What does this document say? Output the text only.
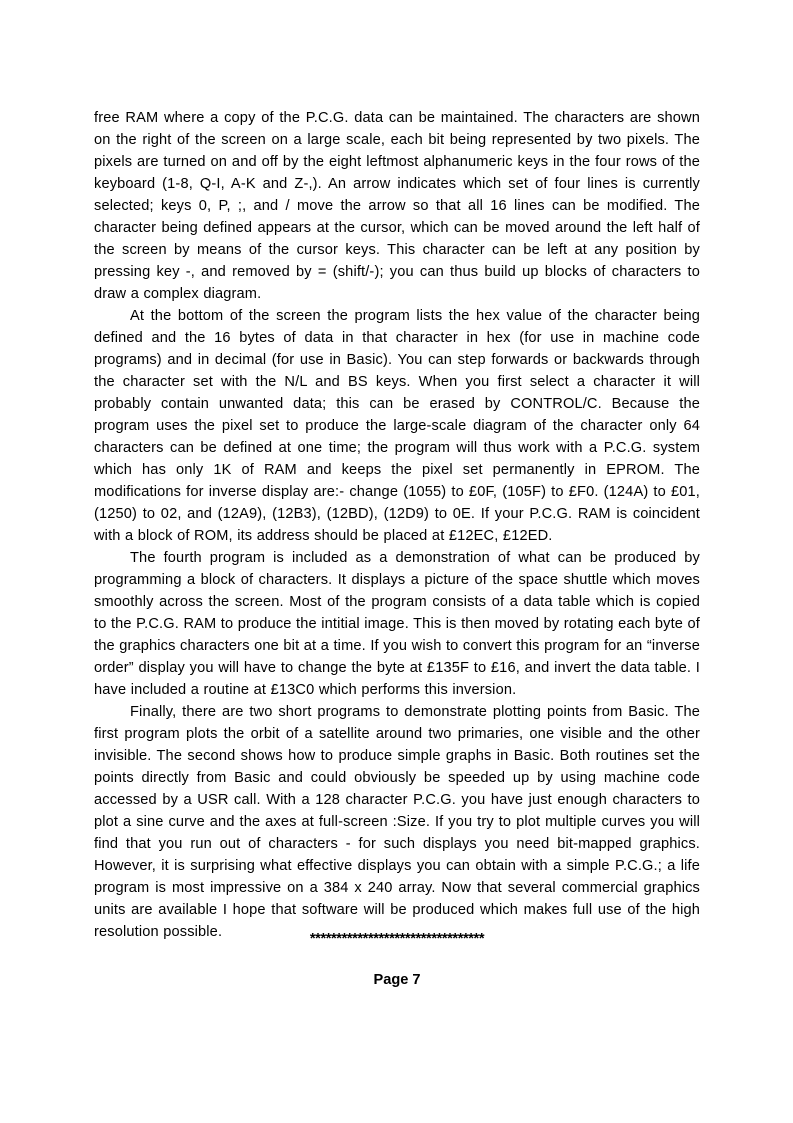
free RAM where a copy of the P.C.G. data can be maintained. The characters are shown on the right of the screen on a large scale, each bit being represented by two pixels. The pixels are turned on and off by the eight leftmost alphanumeric keys in the four rows of the keyboard (1-8, Q-I, A-K and Z-,). An arrow indicates which set of four lines is currently selected; keys 0, P, ;, and / move the arrow so that all 16 lines can be modified. The character being defined appears at the cursor, which can be moved around the left half of the screen by means of the cursor keys. This character can be left at any position by pressing key -, and removed by = (shift/-); you can thus build up blocks of characters to draw a complex diagram.

At the bottom of the screen the program lists the hex value of the character being defined and the 16 bytes of data in that character in hex (for use in machine code programs) and in decimal (for use in Basic). You can step forwards or backwards through the character set with the N/L and BS keys. When you first select a character it will probably contain unwanted data; this can be erased by CONTROL/C. Because the program uses the pixel set to produce the large-scale diagram of the character only 64 characters can be defined at one time; the program will thus work with a P.C.G. system which has only 1K of RAM and keeps the pixel set permanently in EPROM. The modifications for inverse display are:- change (1055) to £0F, (105F) to £F0. (124A) to £01, (1250) to 02, and (12A9), (12B3), (12BD), (12D9) to 0E. If your P.C.G. RAM is coincident with a block of ROM, its address should be placed at £12EC, £12ED.

The fourth program is included as a demonstration of what can be produced by programming a block of characters. It displays a picture of the space shuttle which moves smoothly across the screen. Most of the program consists of a data table which is copied to the P.C.G. RAM to produce the intitial image. This is then moved by rotating each byte of the graphics characters one bit at a time. If you wish to convert this program for an “inverse order” display you will have to change the byte at £135F to £16, and invert the data table. I have included a routine at £13C0 which performs this inversion.

Finally, there are two short programs to demonstrate plotting points from Basic. The first program plots the orbit of a satellite around two primaries, one visible and the other invisible. The second shows how to produce simple graphs in Basic. Both routines set the points directly from Basic and could obviously be speeded up by using machine code accessed by a USR call. With a 128 character P.C.G. you have just enough characters to plot a sine curve and the axes at full-screen :Size. If you try to plot multiple curves you will find that you run out of characters - for such displays you need bit-mapped graphics. However, it is surprising what effective displays you can obtain with a simple P.C.G.; a life program is most impressive on a 384 x 240 array. Now that several commercial graphics units are available I hope that software will be produced which makes full use of the high resolution possible.	*********************************
Page 7
